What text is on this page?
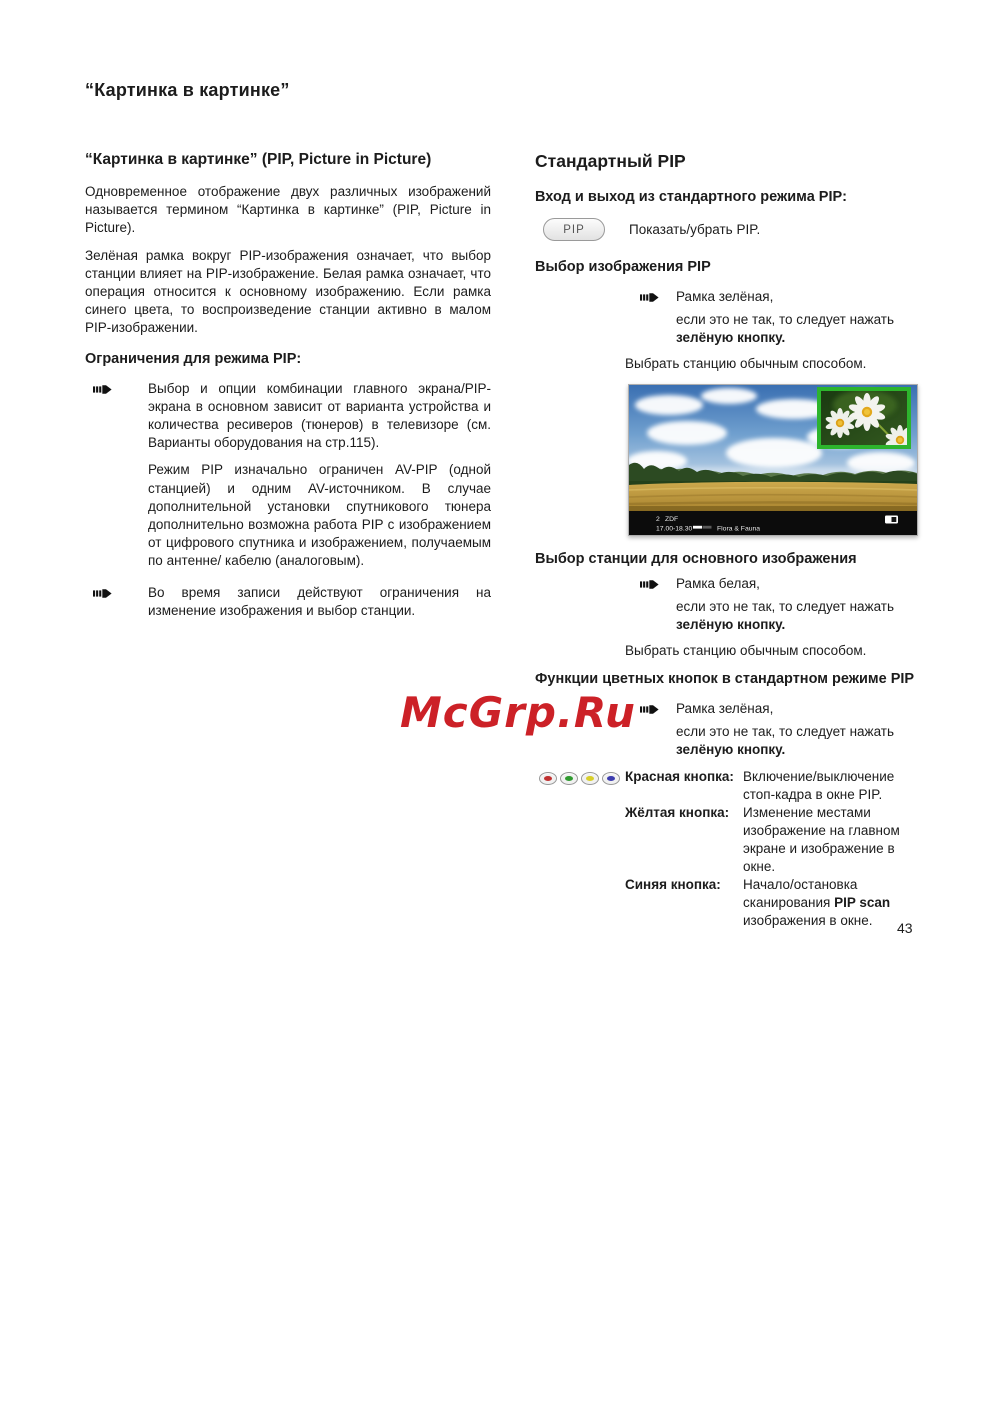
“Картинка в картинке”
“Картинка в картинке” (PIP, Picture in Picture)

Одновременное отображение двух различных изображений называется термином “Картинка в картинке” (PIP, Picture in Picture).

Зелёная рамка вокруг PIP-изображения означает, что выбор станции влияет на PIP-изображение. Белая рамка означает, что операция относится к основному изображению. Если рамка синего цвета, то воспроизведение станции активно в малом PIP-изображении.

Ограничения для режима PIP:

Выбор и опции комбинации главного экрана/PIP-экрана в основном зависит от варианта устройства и количества ресиверов (тюнеров) в телевизоре (см. Варианты оборудования на стр.115).

Режим PIP изначально ограничен AV-PIP (одной станцией) и одним AV-источником. В случае дополнительной установки спутникового тюнера дополнительно возможна работа PIP с изображением от цифрового спутника и изображением, получаемым по антенне/ кабелю (аналоговым).

Во время записи действуют ограничения на изменение изображения и выбор станции.

Стандартный PIP
Вход и выход из стандартного режима PIP:
PIP	Показать/убрать PIP.
Выбор изображения PIP

Рамка зелёная,

если это не так, то следует нажать

зелёную кнопку.

Выбрать станцию обычным способом.
2 ZDF
17.00-18.30	Flora & Fauna
Выбор станции для основного изображения

Рамка белая,

если это не так, то следует нажать

зелёную кнопку.

Выбрать станцию обычным способом.
Функции цветных кнопок в стандартном режиме PIP

Рамка зелёная,

если это не так, то следует нажать

зелёную кнопку.

Красная кнопка: Включение/выключение стоп-кадра в окне PIP.
Жёлтая кнопка:	Изменение местами изображение на главном экране и изображение в окне.
Синяя кнопка:	Начало/остановка сканирования PIP scan изображения в окне.
McGrp.Ru
43
